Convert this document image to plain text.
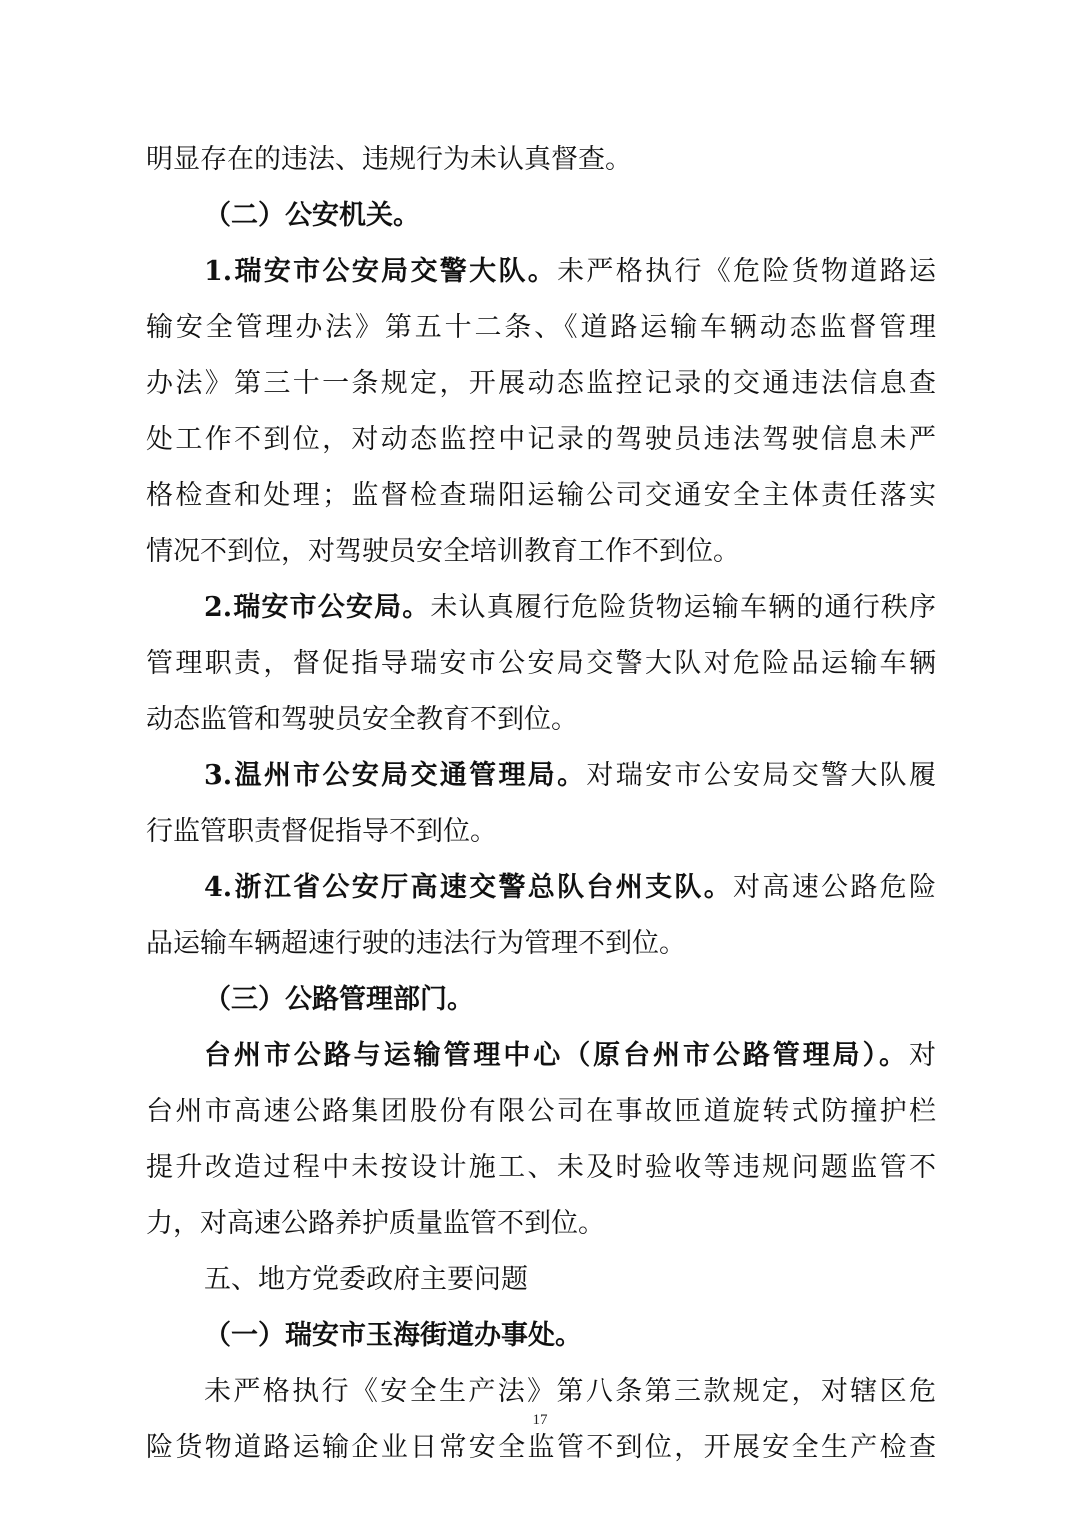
明显存在的违法、违规行为未认真督查。
（二）公安机关。
1.瑞安市公安局交警大队。未严格执行《危险货物道路运
输安全管理办法》第五十二条、《道路运输车辆动态监督管理
办法》第三十一条规定，开展动态监控记录的交通违法信息查
处工作不到位，对动态监控中记录的驾驶员违法驾驶信息未严
格检查和处理；监督检查瑞阳运输公司交通安全主体责任落实
情况不到位，对驾驶员安全培训教育工作不到位。
2.瑞安市公安局。未认真履行危险货物运输车辆的通行秩序
管理职责，督促指导瑞安市公安局交警大队对危险品运输车辆
动态监管和驾驶员安全教育不到位。
3.温州市公安局交通管理局。对瑞安市公安局交警大队履
行监管职责督促指导不到位。
4.浙江省公安厅高速交警总队台州支队。对高速公路危险
品运输车辆超速行驶的违法行为管理不到位。
（三）公路管理部门。
台州市公路与运输管理中心（原台州市公路管理局）。对
台州市高速公路集团股份有限公司在事故匝道旋转式防撞护栏
提升改造过程中未按设计施工、未及时验收等违规问题监管不
力，对高速公路养护质量监管不到位。
五、地方党委政府主要问题
（一）瑞安市玉海街道办事处。
未严格执行《安全生产法》第八条第三款规定，对辖区危
险货物道路运输企业日常安全监管不到位，开展安全生产检查
17
